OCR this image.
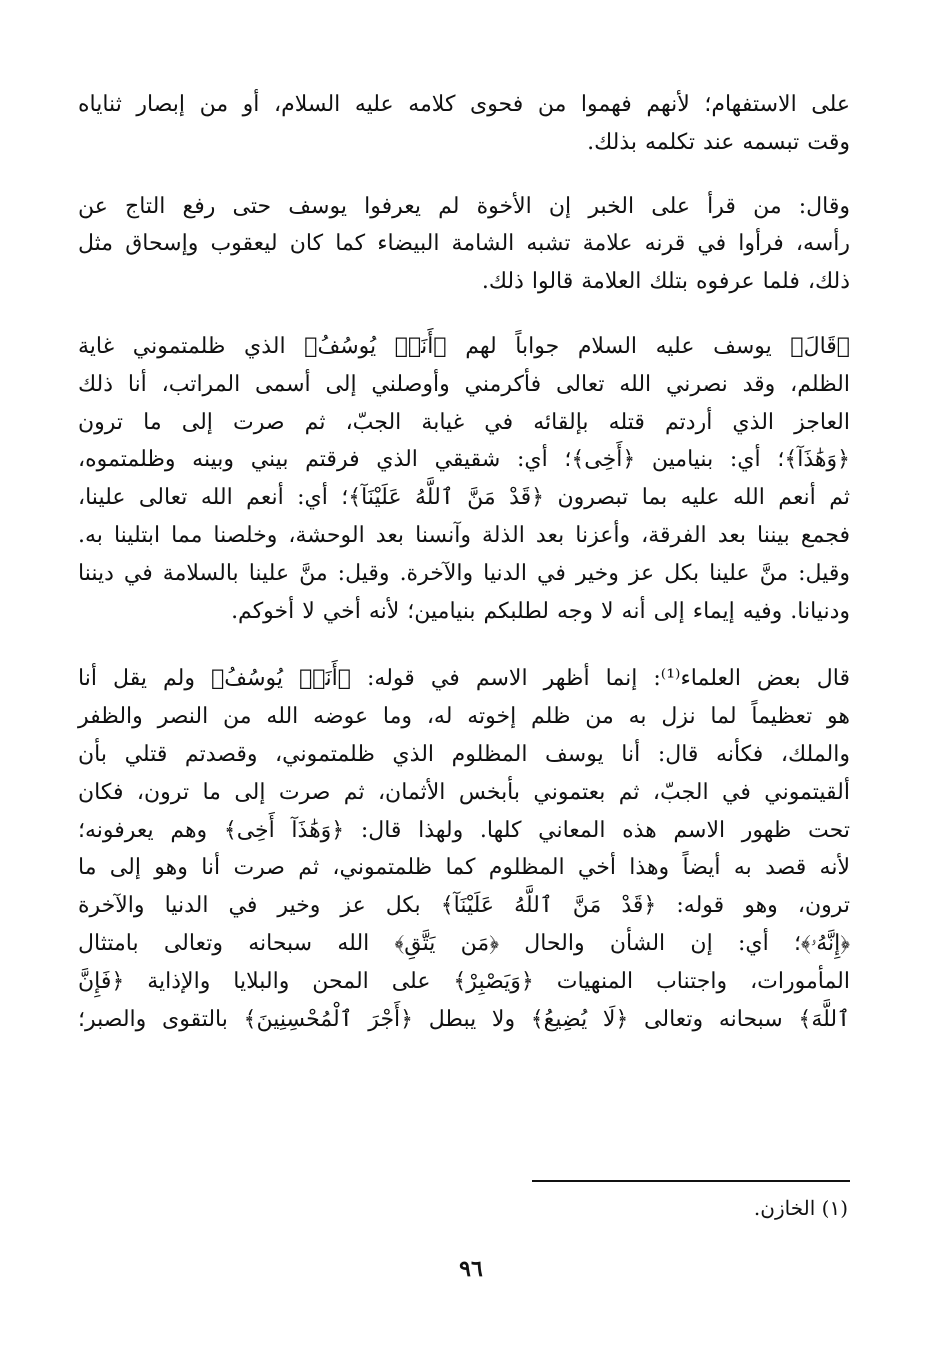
على الاستفهام؛ لأنهم فهموا من فحوى كلامه عليه السلام، أو من إبصار ثناياه
وقت تبسمه عند تكلمه بذلك.

وقال: من قرأ على الخبر إن الأخوة لم يعرفوا يوسف حتى رفع التاج عن
رأسه، فرأوا في قرنه علامة تشبه الشامة البيضاء كما كان ليعقوب وإسحاق مثل
ذلك، فلما عرفوه بتلك العلامة قالوا ذلك.

﴿قَالَ﴾ يوسف عليه السلام جواباً لهم ﴿أَنَا۠ يُوسُفُ﴾ الذي ظلمتموني غاية
الظلم، وقد نصرني الله تعالى فأكرمني وأوصلني إلى أسمى المراتب، أنا ذلك
العاجز الذي أردتم قتله بإلقائه في غيابة الجبّ، ثم صرت إلى ما ترون
﴿وَهَٰذَآ﴾؛ أي: بنيامين ﴿أَخِى﴾؛ أي: شقيقي الذي فرقتم بيني وبينه وظلمتموه،
ثم أنعم الله عليه بما تبصرون ﴿قَدْ مَنَّ ٱللَّهُ عَلَيْنَآ﴾؛ أي: أنعم الله تعالى علينا،
فجمع بيننا بعد الفرقة، وأعزنا بعد الذلة وآنسنا بعد الوحشة، وخلصنا مما ابتلينا به.
وقيل: منَّ علينا بكل عز وخير في الدنيا والآخرة. وقيل: منَّ علينا بالسلامة في ديننا
ودنيانا. وفيه إيماء إلى أنه لا وجه لطلبكم بنيامين؛ لأنه أخي لا أخوكم.

قال بعض العلماء⁽¹⁾: إنما أظهر الاسم في قوله: ﴿أَنَا۠ يُوسُفُ﴾ ولم يقل أنا
هو تعظيماً لما نزل به من ظلم إخوته له، وما عوضه الله من النصر والظفر
والملك، فكأنه قال: أنا يوسف المظلوم الذي ظلمتموني، وقصدتم قتلي بأن
ألقيتموني في الجبّ، ثم بعتموني بأبخس الأثمان، ثم صرت إلى ما ترون، فكان
تحت ظهور الاسم هذه المعاني كلها. ولهذا قال: ﴿وَهَٰذَآ أَخِى﴾ وهم يعرفونه؛
لأنه قصد به أيضاً وهذا أخي المظلوم كما ظلمتموني، ثم صرت أنا وهو إلى ما
ترون، وهو قوله: ﴿قَدْ مَنَّ ٱللَّهُ عَلَيْنَآ﴾ بكل عز وخير في الدنيا والآخرة
﴿إِنَّهُۥ﴾؛ أي: إن الشأن والحال ﴿مَن يَتَّقِ﴾ الله سبحانه وتعالى بامتثال
المأمورات، واجتناب المنهيات ﴿وَيَصْبِرْ﴾ على المحن والبلايا والإذاية ﴿فَإِنَّ
ٱللَّهَ﴾ سبحانه وتعالى ﴿لَا يُضِيعُ﴾ ولا يبطل ﴿أَجْرَ ٱلْمُحْسِنِينَ﴾ بالتقوى والصبر؛

(١) الخازن.
٩٦
